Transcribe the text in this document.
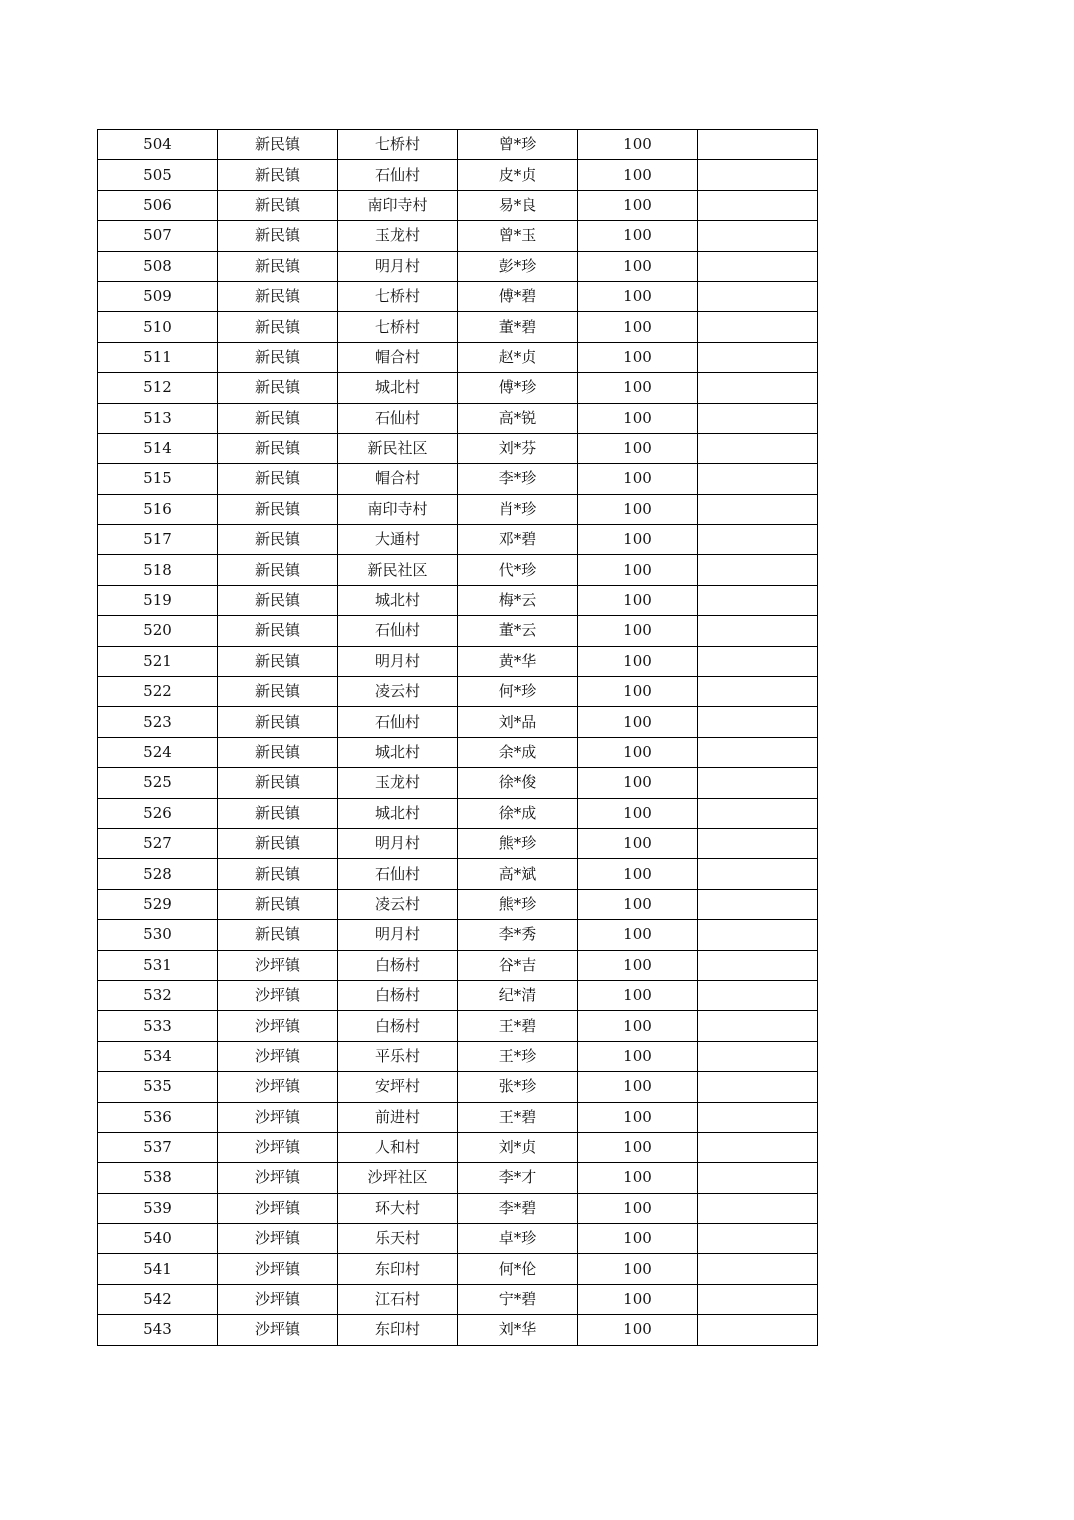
504	新民镇	七桥村	曾*珍	100	
505	新民镇	石仙村	皮*贞	100	
506	新民镇	南印寺村	易*良	100	
507	新民镇	玉龙村	曾*玉	100	
508	新民镇	明月村	彭*珍	100	
509	新民镇	七桥村	傅*碧	100	
510	新民镇	七桥村	董*碧	100	
511	新民镇	帽合村	赵*贞	100	
512	新民镇	城北村	傅*珍	100	
513	新民镇	石仙村	高*锐	100	
514	新民镇	新民社区	刘*芬	100	
515	新民镇	帽合村	李*珍	100	
516	新民镇	南印寺村	肖*珍	100	
517	新民镇	大通村	邓*碧	100	
518	新民镇	新民社区	代*珍	100	
519	新民镇	城北村	梅*云	100	
520	新民镇	石仙村	董*云	100	
521	新民镇	明月村	黄*华	100	
522	新民镇	凌云村	何*珍	100	
523	新民镇	石仙村	刘*品	100	
524	新民镇	城北村	余*成	100	
525	新民镇	玉龙村	徐*俊	100	
526	新民镇	城北村	徐*成	100	
527	新民镇	明月村	熊*珍	100	
528	新民镇	石仙村	高*斌	100	
529	新民镇	凌云村	熊*珍	100	
530	新民镇	明月村	李*秀	100	
531	沙坪镇	白杨村	谷*吉	100	
532	沙坪镇	白杨村	纪*清	100	
533	沙坪镇	白杨村	王*碧	100	
534	沙坪镇	平乐村	王*珍	100	
535	沙坪镇	安坪村	张*珍	100	
536	沙坪镇	前进村	王*碧	100	
537	沙坪镇	人和村	刘*贞	100	
538	沙坪镇	沙坪社区	李*才	100	
539	沙坪镇	环大村	李*碧	100	
540	沙坪镇	乐天村	卓*珍	100	
541	沙坪镇	东印村	何*伦	100	
542	沙坪镇	江石村	宁*碧	100	
543	沙坪镇	东印村	刘*华	100	
